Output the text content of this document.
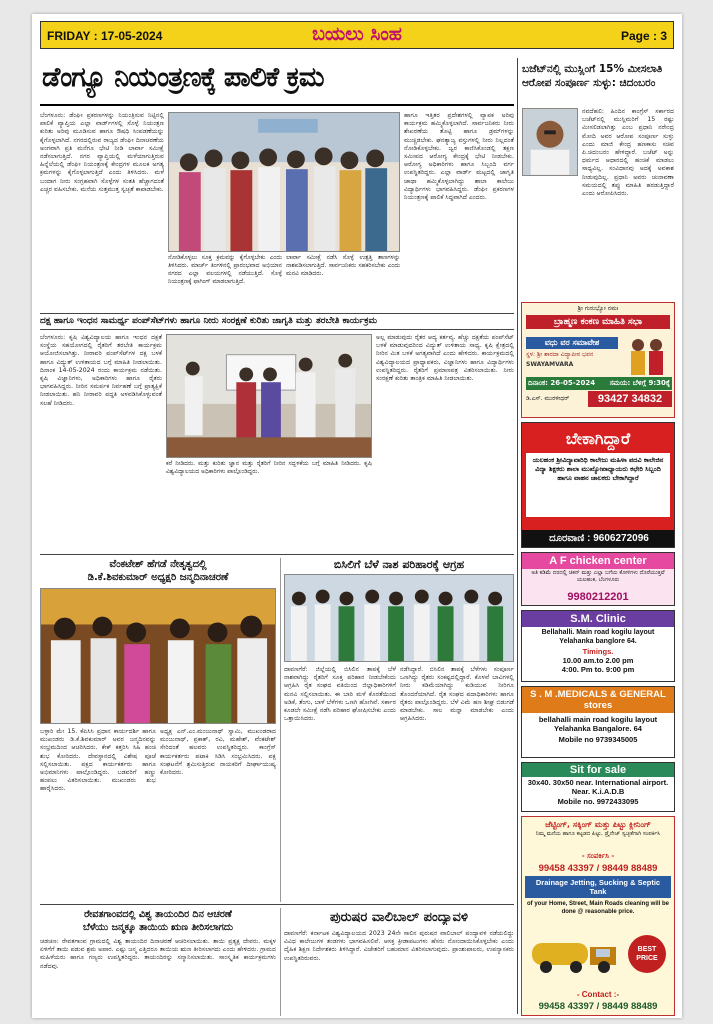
FRIDAY : 17-05-2024	ಬಯಲು ಸಿಂಹ	Page : 3
ಡೆಂಗ್ಯೂ ನಿಯಂತ್ರಣಕ್ಕೆ ಪಾಲಿಕೆ ಕ್ರಮ
ಬೆಂಗಳೂರು: ಡೆಂಘೀ ಪ್ರಕರಣಗಳನ್ನು ನಿಯಂತ್ರಿಸುವ ನಿಟ್ಟಿನಲ್ಲಿ ಪಾಲಿಕೆ ವ್ಯಾಪ್ತಿಯ ಎಲ್ಲಾ ವಾರ್ಡ್‌ಗಳಲ್ಲಿ ಸೊಳ್ಳೆ ನಿಯಂತ್ರಣ ಕುರಿತು ಅರಿವು ಮೂಡಿಸುವ ಹಾಗೂ ಔಷಧಿ ಸಿಂಪಡಣೆಯನ್ನು ಕೈಗೊಳ್ಳಲಾಗಿದೆ. ನಗರದಲ್ಲಿರುವ ರಾಜ್ಯದ ಡೆಂಘೀ ದಿನಾಚರಣೆಯ ಅಂಗವಾಗಿ ಪ್ರತಿ ಮನೆಗೂ ಭೇಟಿ ನೀಡಿ ಲಾರ್ವಾ ಸಮೀಕ್ಷೆ ನಡೆಸಲಾಗುತ್ತಿದೆ. ನಗರ ವ್ಯಾಪ್ತಿಯಲ್ಲಿ ಮಳೆಯಾಗುತ್ತಿರುವ ಹಿನ್ನೆಲೆಯಲ್ಲಿ ಡೆಂಘೀ ನಿಯಂತ್ರಣಕ್ಕೆ ಕೇಂದ್ರಗಳ ಮೂಲಕ ಅಗತ್ಯ ಕ್ರಮಗಳನ್ನು ಕೈಗೊಳ್ಳಲಾಗುತ್ತಿದೆ ಎಂದು ತಿಳಿಸಿದರು. ಮಳೆ ಬಂದಾಗ ನೀರು ಸಂಗ್ರಹವಾಗಿ ಸೊಳ್ಳೆಗಳ ಸಂತತಿ ಹೆಚ್ಚಾಗದಂತೆ ಎಚ್ಚರ ವಹಿಸಬೇಕು. ಮನೆಯ ಸುತ್ತಮುತ್ತ ಸ್ವಚ್ಛತೆ ಕಾಪಾಡಬೇಕು.
ಹಾಗೂ ಇತ್ತಿತರ ಪ್ರದೇಶಗಳಲ್ಲಿ ವ್ಯಾಪಕ ಅರಿವು ಕಾರ್ಯಕ್ರಮ ಹಮ್ಮಿಕೊಳ್ಳಲಾಗಿದೆ. ಸಾರ್ವಜನಿಕರು ನೀರು ಶೇಖರಣೆಯ ತೊಟ್ಟಿ ಹಾಗೂ ಡ್ರಮ್‌ಗಳನ್ನು ಮುಚ್ಚಿಡಬೇಕು. ಘನತ್ಯಾಜ್ಯ ವಸ್ತುಗಳಲ್ಲಿ ನೀರು ನಿಲ್ಲದಂತೆ ನೋಡಿಕೊಳ್ಳಬೇಕು. ಜ್ವರ ಕಾಣಿಸಿಕೊಂಡಲ್ಲಿ ತಕ್ಷಣ ಸಮೀಪದ ಆರೋಗ್ಯ ಕೇಂದ್ರಕ್ಕೆ ಭೇಟಿ ನೀಡಬೇಕು. ಆರೋಗ್ಯ ಅಧಿಕಾರಿಗಳು ಹಾಗೂ ಸಿಬ್ಬಂದಿ ವರ್ಗ ಉಪಸ್ಥಿತರಿದ್ದರು. ಎಲ್ಲಾ ವಾರ್ಡ್ ಮಟ್ಟದಲ್ಲಿ ಜಾಗೃತಿ ಜಾಥಾ ಹಮ್ಮಿಕೊಳ್ಳಲಾಗಿದ್ದು ಶಾಲಾ ಕಾಲೇಜು ವಿದ್ಯಾರ್ಥಿಗಳು ಭಾಗವಹಿಸಿದ್ದರು. ಡೆಂಘೀ ಪ್ರಕರಣಗಳ ನಿಯಂತ್ರಣಕ್ಕೆ ಪಾಲಿಕೆ ಸಿದ್ಧವಾಗಿದೆ ಎಂದರು.
ನೋಡಿಕೊಳ್ಳಲು ಸೂಕ್ತ ಕ್ರಮವನ್ನು ಕೈಗೊಳ್ಳಬೇಕು ಎಂದು ತಿಳಿಸಿದರು. ಮಾರ್ಚ್ ತಿಂಗಳಿನಲ್ಲಿ ಪ್ರಾರಂಭವಾದ ಅಭಿಯಾನ ನಗರದ ಎಲ್ಲಾ ವಲಯಗಳಲ್ಲಿ ನಡೆಯುತ್ತಿದೆ. ಸೊಳ್ಳೆ ನಿಯಂತ್ರಣಕ್ಕೆ ಫಾಗಿಂಗ್ ಮಾಡಲಾಗುತ್ತಿದೆ.
ಲಾರ್ವಾ ಸಮೀಕ್ಷೆ ನಡೆಸಿ ಸೊಳ್ಳೆ ಉತ್ಪತ್ತಿ ತಾಣಗಳನ್ನು ನಾಶಪಡಿಸಲಾಗುತ್ತಿದೆ. ಸಾರ್ವಜನಿಕರು ಸಹಕರಿಸಬೇಕು ಎಂದು ಮನವಿ ಮಾಡಿದರು.
ದಕ್ಷ ಹಾಗೂ ಇಂಧನ ಸಾಮರ್ಥ್ಯ ಪಂಪ್‌ಸೆಟ್‌ಗಳು ಹಾಗೂ ನೀರು ಸಂರಕ್ಷಣೆ ಕುರಿತು ಜಾಗೃತಿ ಮತ್ತು ತರಬೇತಿ ಕಾರ್ಯಕ್ರಮ
ಬೆಂಗಳೂರು: ಕೃಷಿ ವಿಶ್ವವಿದ್ಯಾಲಯ ಹಾಗೂ ಇಂಧನ ದಕ್ಷತೆ ಸಂಸ್ಥೆಯ ಸಹಯೋಗದಲ್ಲಿ ರೈತರಿಗೆ ತರಬೇತಿ ಕಾರ್ಯಕ್ರಮ ಆಯೋಜಿಸಲಾಗಿತ್ತು. ನೀರಾವರಿ ಪಂಪ್‌ಸೆಟ್‌ಗಳ ದಕ್ಷ ಬಳಕೆ ಹಾಗೂ ವಿದ್ಯುತ್ ಉಳಿತಾಯದ ಬಗ್ಗೆ ಮಾಹಿತಿ ನೀಡಲಾಯಿತು. ದಿನಾಂಕ 14-05-2024 ರಂದು ಕಾರ್ಯಕ್ರಮ ನಡೆಯಿತು. ಕೃಷಿ ವಿಜ್ಞಾನಿಗಳು, ಅಧಿಕಾರಿಗಳು ಹಾಗೂ ರೈತರು ಭಾಗವಹಿಸಿದ್ದರು. ನೀರಿನ ಸಮರ್ಪಕ ನಿರ್ವಹಣೆ ಬಗ್ಗೆ ಪ್ರಾತ್ಯಕ್ಷಿಕೆ ನೀಡಲಾಯಿತು. ಹನಿ ನೀರಾವರಿ ಪದ್ಧತಿ ಅಳವಡಿಸಿಕೊಳ್ಳುವಂತೆ ಸಲಹೆ ನೀಡಿದರು.
ಅಲ್ಲ ಮಾಡುವುದು ರೈತರ ಆದ್ಯ ಕರ್ತವ್ಯ. ಹೆಚ್ಚು ದಕ್ಷತೆಯ ಪಂಪ್‌ಸೆಟ್ ಬಳಕೆ ಮಾಡುವುದರಿಂದ ವಿದ್ಯುತ್ ಉಳಿತಾಯ ಸಾಧ್ಯ. ಕೃಷಿ ಕ್ಷೇತ್ರದಲ್ಲಿ ನೀರಿನ ಮಿತ ಬಳಕೆ ಅಗತ್ಯವಾಗಿದೆ ಎಂದು ಹೇಳಿದರು. ಕಾರ್ಯಕ್ರಮದಲ್ಲಿ ವಿಶ್ವವಿದ್ಯಾಲಯದ ಪ್ರಾಧ್ಯಾಪಕರು, ವಿಜ್ಞಾನಿಗಳು ಹಾಗೂ ವಿದ್ಯಾರ್ಥಿಗಳು ಉಪಸ್ಥಿತರಿದ್ದರು. ರೈತರಿಗೆ ಪ್ರಮಾಣಪತ್ರ ವಿತರಿಸಲಾಯಿತು. ನೀರು ಸಂರಕ್ಷಣೆ ಕುರಿತು ತಾಂತ್ರಿಕ ಮಾಹಿತಿ ನೀಡಲಾಯಿತು.
ಕರೆ ನೀಡಿದರು. ಮತ್ತು ಕುರಿತು ಜ್ಞಾನ ಮತ್ತು ರೈತರಿಗೆ ನೀರಿನ ಸದ್ಬಳಕೆಯ ಬಗ್ಗೆ ಮಾಹಿತಿ ನೀಡಿದರು. ಕೃಷಿ ವಿಶ್ವವಿದ್ಯಾಲಯದ ಅಧಿಕಾರಿಗಳು ಪಾಲ್ಗೊಂಡಿದ್ದರು.
ವೆಂಕಟೇಶ್ ಹೆಗಡೆ ನೇತೃತ್ವದಲ್ಲಿ
ಡಿ.ಕೆ.ಶಿವಕುಮಾರ್ ಅಧ್ಯಕ್ಷರಿ ಜನ್ಮದಿನಾಚರಣೆ
ಬಳ್ಳಾರಿ ಮೇ 15. ಕೆಪಿಸಿಸಿ ಪ್ರಧಾನ ಕಾರ್ಯದರ್ಶಿ ಹಾಗೂ ಮುಖಂಡರು ಡಿ.ಕೆ.ಶಿವಕುಮಾರ್ ಅವರ ಜನ್ಮದಿನವನ್ನು ಸಂಭ್ರಮದಿಂದ ಆಚರಿಸಿದರು. ಕೇಕ್ ಕತ್ತರಿಸಿ ಸಿಹಿ ಹಂಚಿ ಶುಭ ಕೋರಿದರು. ದೇವಸ್ಥಾನದಲ್ಲಿ ವಿಶೇಷ ಪೂಜೆ ಸಲ್ಲಿಸಲಾಯಿತು. ಪಕ್ಷದ ಕಾರ್ಯಕರ್ತರು ಹಾಗೂ ಅಭಿಮಾನಿಗಳು ಪಾಲ್ಗೊಂಡಿದ್ದರು. ಬಡವರಿಗೆ ಹಣ್ಣು ಹಂಪಲು ವಿತರಿಸಲಾಯಿತು. ಮುಖಂಡರು ಶುಭ ಹಾರೈಸಿದರು.
ಅಧ್ಯಕ್ಷ ಎನ್.ಎಂ.ಮಂಜುನಾಥ್ ಸ್ವಾಮಿ, ಮುಖಂಡರಾದ ಮಂಜುನಾಥ್, ಪ್ರಕಾಶ್, ರವಿ, ಮಹೇಶ್, ವೆಂಕಟೇಶ್ ಸೇರಿದಂತೆ ಹಲವರು ಉಪಸ್ಥಿತರಿದ್ದರು. ಕಾಂಗ್ರೆಸ್ ಕಾರ್ಯಕರ್ತರು ಪಟಾಕಿ ಸಿಡಿಸಿ ಸಂಭ್ರಮಿಸಿದರು. ಪಕ್ಷ ಸಂಘಟನೆಗೆ ಶ್ರಮಿಸುತ್ತಿರುವ ನಾಯಕರಿಗೆ ದೀರ್ಘಾಯುಷ್ಯ ಕೋರಿದರು.
ಬಿಸಿಲಿಗೆ ಬೆಳೆ ನಾಶ ಪರಿಹಾರಕ್ಕೆ ಆಗ್ರಹ
ದಾವಣಗೆರೆ: ಜಿಲ್ಲೆಯಲ್ಲಿ ಬಿಸಿಲಿನ ತಾಪಕ್ಕೆ ಬೆಳೆ ನಾಶವಾಗಿದ್ದು ರೈತರಿಗೆ ಸೂಕ್ತ ಪರಿಹಾರ ನೀಡಬೇಕೆಂದು ಆಗ್ರಹಿಸಿ ರೈತ ಸಂಘದ ವತಿಯಿಂದ ಜಿಲ್ಲಾಧಿಕಾರಿಗಳಿಗೆ ಮನವಿ ಸಲ್ಲಿಸಲಾಯಿತು. ಈ ಬಾರಿ ಮಳೆ ಕೊರತೆಯಿಂದ ಅಡಿಕೆ, ತೆಂಗು, ಬಾಳೆ ಬೆಳೆಗಳು ಒಣಗಿ ಹೋಗಿವೆ. ಸರ್ಕಾರ ಕೂಡಲೇ ಸಮೀಕ್ಷೆ ನಡೆಸಿ ಪರಿಹಾರ ಘೋಷಿಸಬೇಕು ಎಂದು ಒತ್ತಾಯಿಸಿದರು.
ನಡೆಸಿದ್ದಾರೆ. ಬಿಸಿಲಿನ ತಾಪಕ್ಕೆ ಬೆಳೆಗಳು ಸಂಪೂರ್ಣ ಒಣಗಿದ್ದು ರೈತರು ಸಂಕಷ್ಟದಲ್ಲಿದ್ದಾರೆ. ಕೊಳವೆ ಬಾವಿಗಳಲ್ಲಿ ನೀರು ಕಡಿಮೆಯಾಗಿದ್ದು ಕುಡಿಯುವ ನೀರಿಗೂ ತೊಂದರೆಯಾಗಿದೆ. ರೈತ ಸಂಘದ ಪದಾಧಿಕಾರಿಗಳು ಹಾಗೂ ರೈತರು ಪಾಲ್ಗೊಂಡಿದ್ದರು. ಬೆಳೆ ವಿಮೆ ಹಣ ಶೀಘ್ರ ಬಿಡುಗಡೆ ಮಾಡಬೇಕು. ಸಾಲ ಮನ್ನಾ ಮಾಡಬೇಕು ಎಂದು ಆಗ್ರಹಿಸಿದರು.
ರೇವತಗಾಂವದಲ್ಲಿ ವಿಶ್ವ ತಾಯಂದಿರ ದಿನ ಆಚರಣೆ
ಬೆಳೆಯು ಜನ್ಮಕ್ಕೂ ತಾಯಿಯ ಋಣ ತೀರಿಸಲಾಗದು
ಚಡಚಣ: ರೇವತಗಾಂವ ಗ್ರಾಮದಲ್ಲಿ ವಿಶ್ವ ತಾಯಂದಿರ ದಿನಾಚರಣೆ ಆಚರಿಸಲಾಯಿತು. ತಾಯಿ ಪ್ರತ್ಯಕ್ಷ ದೇವರು. ಮಕ್ಕಳ ಏಳಿಗೆಗೆ ತಾಯಿ ಪಡುವ ಶ್ರಮ ಅಪಾರ. ಎಷ್ಟು ಜನ್ಮ ಎತ್ತಿದರೂ ತಾಯಿಯ ಋಣ ತೀರಿಸಲಾಗದು ಎಂದು ಹೇಳಿದರು. ಗ್ರಾಮದ ಮಹಿಳೆಯರು ಹಾಗೂ ಗಣ್ಯರು ಉಪಸ್ಥಿತರಿದ್ದರು. ತಾಯಂದಿರನ್ನು ಸನ್ಮಾನಿಸಲಾಯಿತು. ಸಾಂಸ್ಕೃತಿಕ ಕಾರ್ಯಕ್ರಮಗಳು ನಡೆದವು.
ಪುರುಷರ ವಾಲಿಬಾಲ್ ಪಂದ್ಯಾವಳಿ
ದಾವಣಗೆರೆ: ಕರ್ನಾಟಕ ವಿಶ್ವವಿದ್ಯಾಲಯದ 2023 24ನೇ ಸಾಲಿನ ಪುರುಷರ ವಾಲಿಬಾಲ್ ಪಂದ್ಯಾವಳಿ ನಡೆಯಲಿದ್ದು ವಿವಿಧ ಕಾಲೇಜುಗಳ ತಂಡಗಳು ಭಾಗವಹಿಸಲಿವೆ. ಆಸಕ್ತ ಕ್ರೀಡಾಪಟುಗಳು ಹೆಸರು ನೋಂದಾಯಿಸಿಕೊಳ್ಳಬೇಕು ಎಂದು ದೈಹಿಕ ಶಿಕ್ಷಣ ನಿರ್ದೇಶಕರು ತಿಳಿಸಿದ್ದಾರೆ. ವಿಜೇತರಿಗೆ ಬಹುಮಾನ ವಿತರಿಸಲಾಗುವುದು. ಪ್ರಾಂಶುಪಾಲರು, ಉಪನ್ಯಾಸಕರು ಉಪಸ್ಥಿತರಿರುವರು.
ಬಜೆಟ್‌ನಲ್ಲಿ ಮುಸ್ಲಿಂಗೆ 15% ಮೀಸಲಾತಿ ಆರೋಪ ಸಂಪೂರ್ಣ ಸುಳ್ಳು: ಚಿದಂಬರಂ
ನವದೆಹಲಿ: ಹಿಂದಿನ ಕಾಂಗ್ರೆಸ್ ಸರ್ಕಾರದ ಬಜೆಟ್‌ನಲ್ಲಿ ಮುಸ್ಲಿಮರಿಗೆ 15 ರಷ್ಟು ಮೀಸಲಿಡಲಾಗಿತ್ತು ಎಂಬ ಪ್ರಧಾನಿ ನರೇಂದ್ರ ಮೋದಿ ಅವರ ಆರೋಪ ಸಂಪೂರ್ಣ ಸುಳ್ಳು ಎಂದು ಮಾಜಿ ಕೇಂದ್ರ ಹಣಕಾಸು ಸಚಿವ ಪಿ.ಚಿದಂಬರಂ ಹೇಳಿದ್ದಾರೆ. ಬಜೆಟ್ ಅನ್ನು ಧರ್ಮದ ಆಧಾರದಲ್ಲಿ ಹಂಚಿಕೆ ಮಾಡಲು ಸಾಧ್ಯವಿಲ್ಲ. ಸಂವಿಧಾನವು ಅದಕ್ಕೆ ಅವಕಾಶ ನೀಡುವುದಿಲ್ಲ. ಪ್ರಧಾನಿ ಅವರು ಚುನಾವಣಾ ಸಮಯದಲ್ಲಿ ತಪ್ಪು ಮಾಹಿತಿ ಹರಡುತ್ತಿದ್ದಾರೆ ಎಂದು ಆರೋಪಿಸಿದರು.
ಶ್ರೀ ಗುರುಭ್ಯೋ ನಮಃ
ಬ್ರಾಹ್ಮಣ ಕಂಕಣ ಮಾಹಿತಿ ಸಭಾ
ವಧು ವರ ಸಮಾವೇಶ
ಸ್ಥಳ: ಶ್ರೀ ಶಾರದಾ ವಿದ್ಯಾಪೀಠ ಭವನ
SWAYAMVARA
ದಿನಾಂಕ: 26-05-2024 ಸಮಯ: ಬೆಳಿಗ್ಗೆ 9:30ಕ್ಕೆ
ಡಿ.ಎಸ್. ಮುರಳೀಧರ್	93427 34832
ಬೇಕಾಗಿದ್ದಾರೆ
ಯಲಹಂಕ ಶ್ರೀವಿದ್ಯಾವಾರಿಧಿ ಕಾಲೇಜು ಮಹಿಳಾ ಪದವಿ ಕಾಲೇಜಿನ ವಿದ್ಯಾ ಶಿಕ್ಷಕರು ಶಾಲಾ ಮುಖ್ಯೋಪಾಧ್ಯಾಯರು ಕಛೇರಿ ಸಿಬ್ಬಂದಿ ಹಾಗೂ ವಾಹನ ಚಾಲಕರು ಬೇಕಾಗಿದ್ದಾರೆ
ದೂರವಾಣಿ : 9606272096
A F chicken center
ಅತಿ ಕಡಿಮೆ ದರದಲ್ಲಿ ಚಿಕನ್ ಮತ್ತು ಎಲ್ಲಾ ಬಗೆಯ ಕೋಳಿಗಳು ದೊರೆಯುತ್ತವೆ ಯಲಹಂಕ, ಬೆಂಗಳೂರು
9980212201
S.M. Clinic
Bellahalli. Main road kogilu layout Yelahanka banglore 64.
Timings.
10.00 am.to 2.00 pm
4:00. Pm to. 9:00 pm
S . M .MEDICALS & GENERAL stores
bellahalli main road kogilu layout Yelahanka Bangalore. 64
Mobile no 9739345005
Sit for sale
30x40. 30x50 near. International airport. Near. K.i.A.D.B
Mobile no. 9972433095
ಜೆಟ್ಟಿಂಗ್, ಸಕ್ಕಿಂಗ್ ಮತ್ತು ಪಿಟ್ಟು ಕ್ಲೀನಿಂಗ್
ನಿಮ್ಮ ಮನೆಯ ಹಾಗೂ ಕಟ್ಟಡದ ಪಿಟ್ಟು, ಡ್ರೈನೇಜ್ ಸ್ವಚ್ಛತೆಗಾಗಿ ಸಂಪರ್ಕಿಸಿ
- ಸಂಪರ್ಕಿಸಿ -
99458 43397 / 98449 88489
Drainage Jetting, Sucking & Septic Tank
of your Home, Street, Main Roads cleaning will be done @ reasonable price.
BEST PRICE
- Contact :-
99458 43397 / 98449 88489
